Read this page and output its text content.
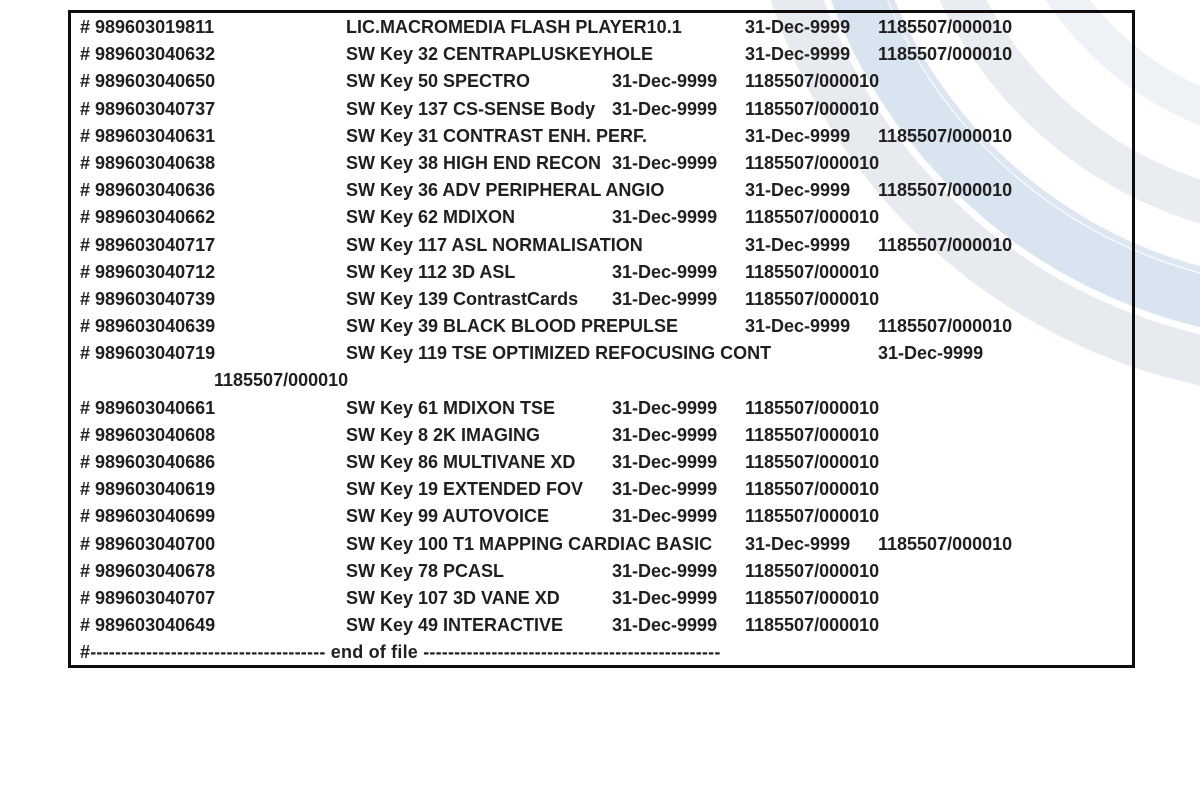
# 989603019811	LIC.MACROMEDIA FLASH PLAYER10.1	31-Dec-9999 1185507/000010
# 989603040632	SW Key 32 CENTRAPLUSKEYHOLE	31-Dec-9999 1185507/000010
# 989603040650	SW Key 50 SPECTRO	31-Dec-9999 1185507/000010
# 989603040737	SW Key 137 CS-SENSE Body 31-Dec-9999 1185507/000010
# 989603040631	SW Key 31 CONTRAST ENH. PERF.	31-Dec-9999 1185507/000010
# 989603040638	SW Key 38 HIGH END RECON 31-Dec-9999 1185507/000010
# 989603040636	SW Key 36 ADV PERIPHERAL ANGIO	31-Dec-9999 1185507/000010
# 989603040662	SW Key 62 MDIXON	31-Dec-9999 1185507/000010
# 989603040717	SW Key 117 ASL NORMALISATION	31-Dec-9999 1185507/000010
# 989603040712	SW Key 112 3D ASL	31-Dec-9999 1185507/000010
# 989603040739	SW Key 139 ContrastCards 31-Dec-9999 1185507/000010
# 989603040639	SW Key 39 BLACK BLOOD PREPULSE	31-Dec-9999 1185507/000010
# 989603040719	SW Key 119 TSE OPTIMIZED REFOCUSING CONT	31-Dec-9999
1185507/000010
# 989603040661	SW Key 61 MDIXON TSE	31-Dec-9999 1185507/000010
# 989603040608	SW Key 8 2K IMAGING	31-Dec-9999 1185507/000010
# 989603040686	SW Key 86 MULTIVANE XD 31-Dec-9999 1185507/000010
# 989603040619	SW Key 19 EXTENDED FOV 31-Dec-9999 1185507/000010
# 989603040699	SW Key 99 AUTOVOICE	31-Dec-9999 1185507/000010
# 989603040700	SW Key 100 T1 MAPPING CARDIAC BASIC 31-Dec-9999 1185507/000010
# 989603040678	SW Key 78 PCASL	31-Dec-9999 1185507/000010
# 989603040707	SW Key 107 3D VANE XD	31-Dec-9999 1185507/000010
# 989603040649	SW Key 49 INTERACTIVE	31-Dec-9999 1185507/000010

#-------------------------------------- end of file ------------------------------------------------
